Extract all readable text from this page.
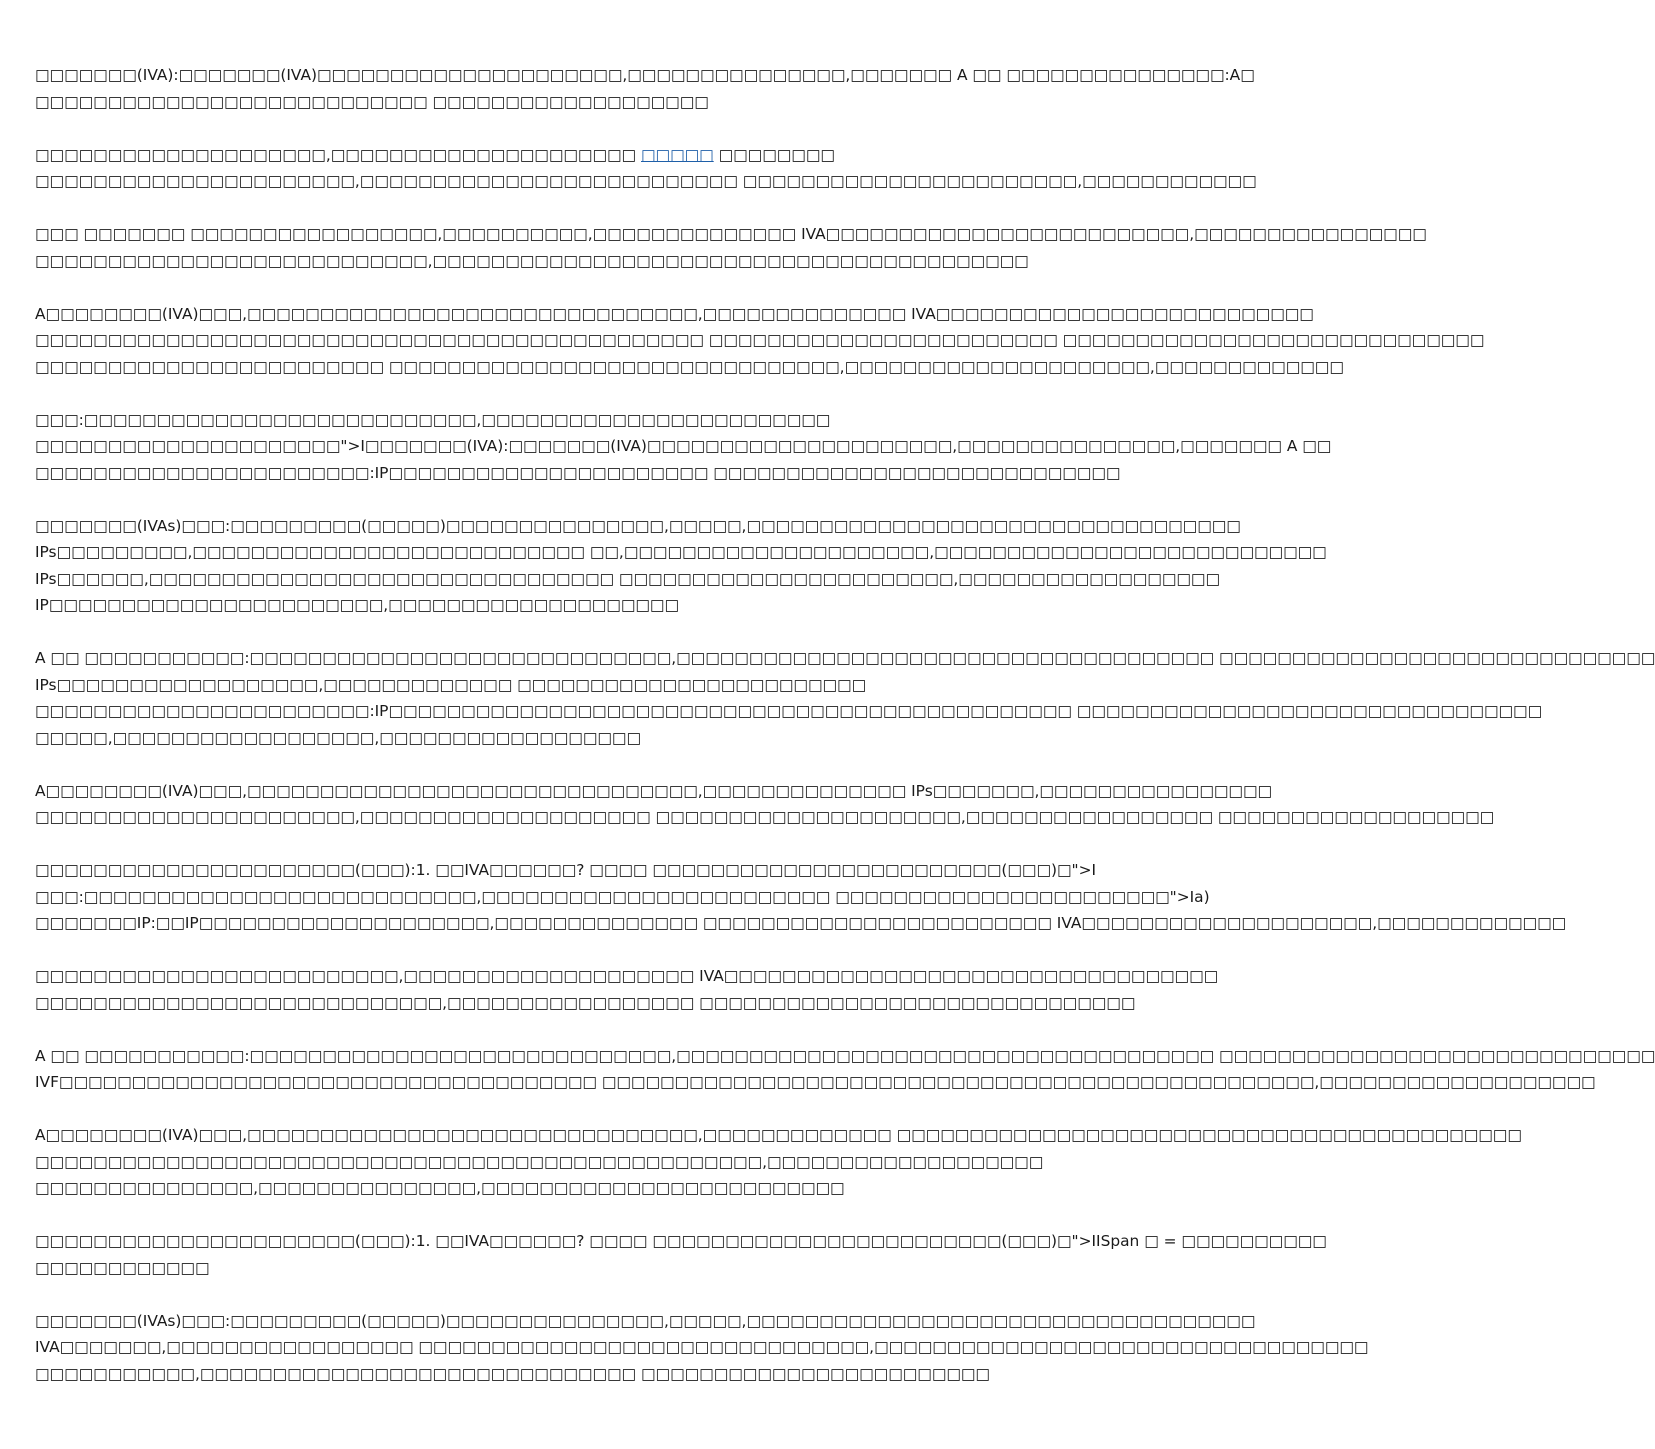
□□□□□□□(IVA):□□□□□□□(IVA)□□□□□□□□□□□□□□□□□□□□□,□□□□□□□□□□□□□□□,□□□□□□□ A □□ □□□□□□□□□□□□□□□:A□
□□□□□□□□□□□□□□□□□□□□□□□□□□□ □□□□□□□□□□□□□□□□□□□

□□□□□□□□□□□□□□□□□□□□,□□□□□□□□□□□□□□□□□□□□□ □□□□□ □□□□□□□□
□□□□□□□□□□□□□□□□□□□□□□,□□□□□□□□□□□□□□□□□□□□□□□□□□ □□□□□□□□□□□□□□□□□□□□□□□,□□□□□□□□□□□□

□□□ □□□□□□□ □□□□□□□□□□□□□□□□□,□□□□□□□□□□,□□□□□□□□□□□□□□ IVA□□□□□□□□□□□□□□□□□□□□□□□□□,□□□□□□□□□□□□□□□□
□□□□□□□□□□□□□□□□□□□□□□□□□□□,□□□□□□□□□□□□□□□□□□□□□□□□□□□□□□□□□□□□□□□□□

A□□□□□□□□(IVA)□□□,□□□□□□□□□□□□□□□□□□□□□□□□□□□□□□□,□□□□□□□□□□□□□□ IVA□□□□□□□□□□□□□□□□□□□□□□□□□□
□□□□□□□□□□□□□□□□□□□□□□□□□□□□□□□□□□□□□□□□□□□□□□ □□□□□□□□□□□□□□□□□□□□□□□□ □□□□□□□□□□□□□□□□□□□□□□□□□□□□□
□□□□□□□□□□□□□□□□□□□□□□□□ □□□□□□□□□□□□□□□□□□□□□□□□□□□□□□□,□□□□□□□□□□□□□□□□□□□□□,□□□□□□□□□□□□□

□□□:□□□□□□□□□□□□□□□□□□□□□□□□□□□,□□□□□□□□□□□□□□□□□□□□□□□□
□□□□□□□□□□□□□□□□□□□□□">I□□□□□□□(IVA):□□□□□□□(IVA)□□□□□□□□□□□□□□□□□□□□□,□□□□□□□□□□□□□□□,□□□□□□□ A □□
□□□□□□□□□□□□□□□□□□□□□□□:IP□□□□□□□□□□□□□□□□□□□□□□ □□□□□□□□□□□□□□□□□□□□□□□□□□□□

□□□□□□□(IVAs)□□□:□□□□□□□□□(□□□□□)□□□□□□□□□□□□□□□,□□□□□,□□□□□□□□□□□□□□□□□□□□□□□□□□□□□□□□□□
IPs□□□□□□□□□,□□□□□□□□□□□□□□□□□□□□□□□□□□□ □□,□□□□□□□□□□□□□□□□□□□□□,□□□□□□□□□□□□□□□□□□□□□□□□□□□
IPs□□□□□□,□□□□□□□□□□□□□□□□□□□□□□□□□□□□□□□□ □□□□□□□□□□□□□□□□□□□□□□□,□□□□□□□□□□□□□□□□□□
IP□□□□□□□□□□□□□□□□□□□□□□□,□□□□□□□□□□□□□□□□□□□□

A □□ □□□□□□□□□□□:□□□□□□□□□□□□□□□□□□□□□□□□□□□□□,□□□□□□□□□□□□□□□□□□□□□□□□□□□□□□□□□□□□□ □□□□□□□□□□□□□□□□□□□□□□□□□□□□□□
IPs□□□□□□□□□□□□□□□□□□,□□□□□□□□□□□□□ □□□□□□□□□□□□□□□□□□□□□□□□
□□□□□□□□□□□□□□□□□□□□□□□:IP□□□□□□□□□□□□□□□□□□□□□□□□□□□□□□□□□□□□□□□□□□□□□□□ □□□□□□□□□□□□□□□□□□□□□□□□□□□□□□□□
□□□□□,□□□□□□□□□□□□□□□□□□,□□□□□□□□□□□□□□□□□□

A□□□□□□□□(IVA)□□□,□□□□□□□□□□□□□□□□□□□□□□□□□□□□□□□,□□□□□□□□□□□□□□ IPs□□□□□□□,□□□□□□□□□□□□□□□□
□□□□□□□□□□□□□□□□□□□□□□,□□□□□□□□□□□□□□□□□□□□ □□□□□□□□□□□□□□□□□□□□□,□□□□□□□□□□□□□□□□□ □□□□□□□□□□□□□□□□□□□

□□□□□□□□□□□□□□□□□□□□□□(□□□):1. □□IVA□□□□□□? □□□□ □□□□□□□□□□□□□□□□□□□□□□□□(□□□)□">I
□□□:□□□□□□□□□□□□□□□□□□□□□□□□□□□,□□□□□□□□□□□□□□□□□□□□□□□□ □□□□□□□□□□□□□□□□□□□□□□□">Ia)
□□□□□□□IP:□□IP□□□□□□□□□□□□□□□□□□□□,□□□□□□□□□□□□□□ □□□□□□□□□□□□□□□□□□□□□□□□ IVA□□□□□□□□□□□□□□□□□□□□,□□□□□□□□□□□□□

□□□□□□□□□□□□□□□□□□□□□□□□□,□□□□□□□□□□□□□□□□□□□□ IVA□□□□□□□□□□□□□□□□□□□□□□□□□□□□□□□□□□
□□□□□□□□□□□□□□□□□□□□□□□□□□□□,□□□□□□□□□□□□□□□□□ □□□□□□□□□□□□□□□□□□□□□□□□□□□□□□

A □□ □□□□□□□□□□□:□□□□□□□□□□□□□□□□□□□□□□□□□□□□□,□□□□□□□□□□□□□□□□□□□□□□□□□□□□□□□□□□□□□ □□□□□□□□□□□□□□□□□□□□□□□□□□□□□□
IVF□□□□□□□□□□□□□□□□□□□□□□□□□□□□□□□□□□□□□ □□□□□□□□□□□□□□□□□□□□□□□□□□□□□□□□□□□□□□□□□□□□□□□□□,□□□□□□□□□□□□□□□□□□□

A□□□□□□□□(IVA)□□□,□□□□□□□□□□□□□□□□□□□□□□□□□□□□□□□,□□□□□□□□□□□□□ □□□□□□□□□□□□□□□□□□□□□□□□□□□□□□□□□□□□□□□□□□□
□□□□□□□□□□□□□□□□□□□□□□□□□□□□□□□□□□□□□□□□□□□□□□□□□□,□□□□□□□□□□□□□□□□□□□
□□□□□□□□□□□□□□□,□□□□□□□□□□□□□□□,□□□□□□□□□□□□□□□□□□□□□□□□□

□□□□□□□□□□□□□□□□□□□□□□(□□□):1. □□IVA□□□□□□? □□□□ □□□□□□□□□□□□□□□□□□□□□□□□(□□□)□">IISpan □ = □□□□□□□□□□
□□□□□□□□□□□□

□□□□□□□(IVAs)□□□:□□□□□□□□□(□□□□□)□□□□□□□□□□□□□□□,□□□□□,□□□□□□□□□□□□□□□□□□□□□□□□□□□□□□□□□□□
IVA□□□□□□□,□□□□□□□□□□□□□□□□□ □□□□□□□□□□□□□□□□□□□□□□□□□□□□□□□,□□□□□□□□□□□□□□□□□□□□□□□□□□□□□□□□□□
□□□□□□□□□□□,□□□□□□□□□□□□□□□□□□□□□□□□□□□□□□ □□□□□□□□□□□□□□□□□□□□□□□□
